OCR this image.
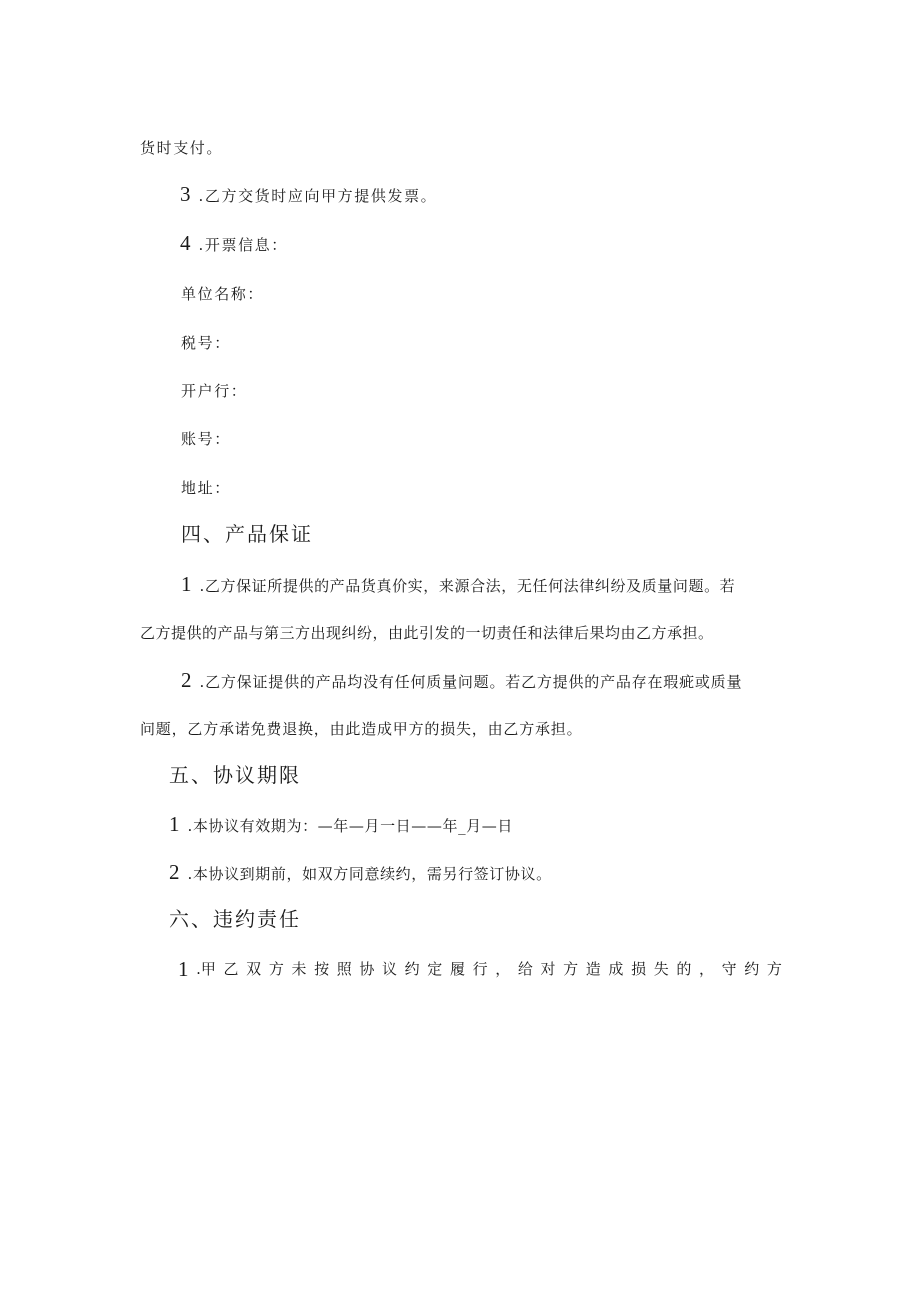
货时支付。
3 .乙方交货时应向甲方提供发票。
4 .开票信息：
单位名称：
税号：
开户行：
账号：
地址：
四、产品保证
1 .乙方保证所提供的产品货真价实，来源合法，无任何法律纠纷及质量问题。若
乙方提供的产品与第三方出现纠纷，由此引发的一切责任和法律后果均由乙方承担。
2 .乙方保证提供的产品均没有任何质量问题。若乙方提供的产品存在瑕疵或质量
问题，乙方承诺免费退换，由此造成甲方的损失，由乙方承担。
五、协议期限
1 .本协议有效期为：—年—月一日——年_月—日
2 .本协议到期前，如双方同意续约，需另行签订协议。
六、违约责任
1 .甲 乙 双 方 未 按 照 协 议 约 定 履 行 ， 给 对 方 造 成 损 失 的 ， 守 约 方
